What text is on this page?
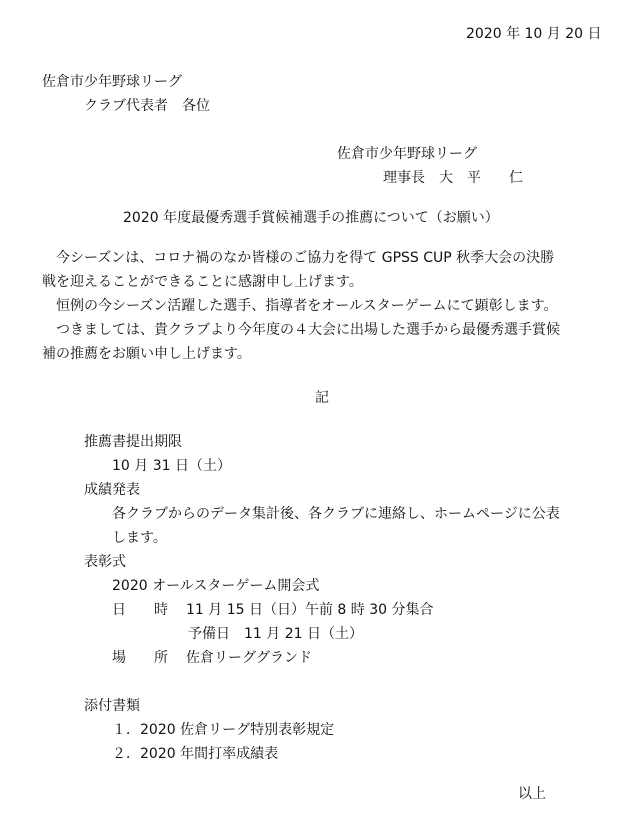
2020 年 10 月 20 日
佐倉市少年野球リーグ
クラブ代表者　各位
佐倉市少年野球リーグ
理事長　大　平　　仁
2020 年度最優秀選手賞候補選手の推薦について（お願い）
今シーズンは、コロナ禍のなか皆様のご協力を得て GPSS CUP 秋季大会の決勝
戦を迎えることができることに感謝申し上げます。
恒例の今シーズン活躍した選手、指導者をオールスターゲームにて顕彰します。
つきましては、貴クラブより今年度の４大会に出場した選手から最優秀選手賞候
補の推薦をお願い申し上げます。
記
推薦書提出期限
10 月 31 日（土）
成績発表
各クラブからのデータ集計後、各クラブに連絡し、ホームページに公表
します。
表彰式
2020 オールスターゲーム開会式
日　　時 11 月 15 日（日）午前 8 時 30 分集合
予備日　11 月 21 日（土）
場　　所 佐倉リーググランド
添付書類
１．2020 佐倉リーグ特別表彰規定
２．2020 年間打率成績表
以上
